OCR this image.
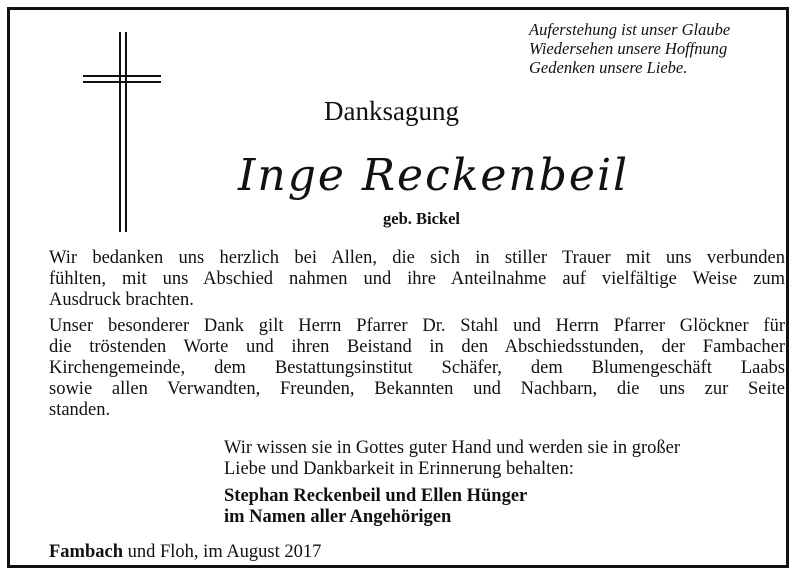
Auferstehung ist unser Glaube
Wiedersehen unsere Hoffnung
Gedenken unsere Liebe.
Danksagung
Inge Reckenbeil
geb. Bickel
Wir bedanken uns herzlich bei Allen, die sich in stiller Trauer mit uns verbunden
fühlten, mit uns Abschied nahmen und ihre Anteilnahme auf vielfältige Weise zum
Ausdruck brachten.
Unser besonderer Dank gilt Herrn Pfarrer Dr. Stahl und Herrn Pfarrer Glöckner für
die tröstenden Worte und ihren Beistand in den Abschiedsstunden, der Fambacher
Kirchengemeinde, dem Bestattungsinstitut Schäfer, dem Blumengeschäft Laabs
sowie allen Verwandten, Freunden, Bekannten und Nachbarn, die uns zur Seite
standen.
Wir wissen sie in Gottes guter Hand und werden sie in großer
Liebe und Dankbarkeit in Erinnerung behalten:
Stephan Reckenbeil und Ellen Hünger
im Namen aller Angehörigen
Fambach und Floh, im August 2017
